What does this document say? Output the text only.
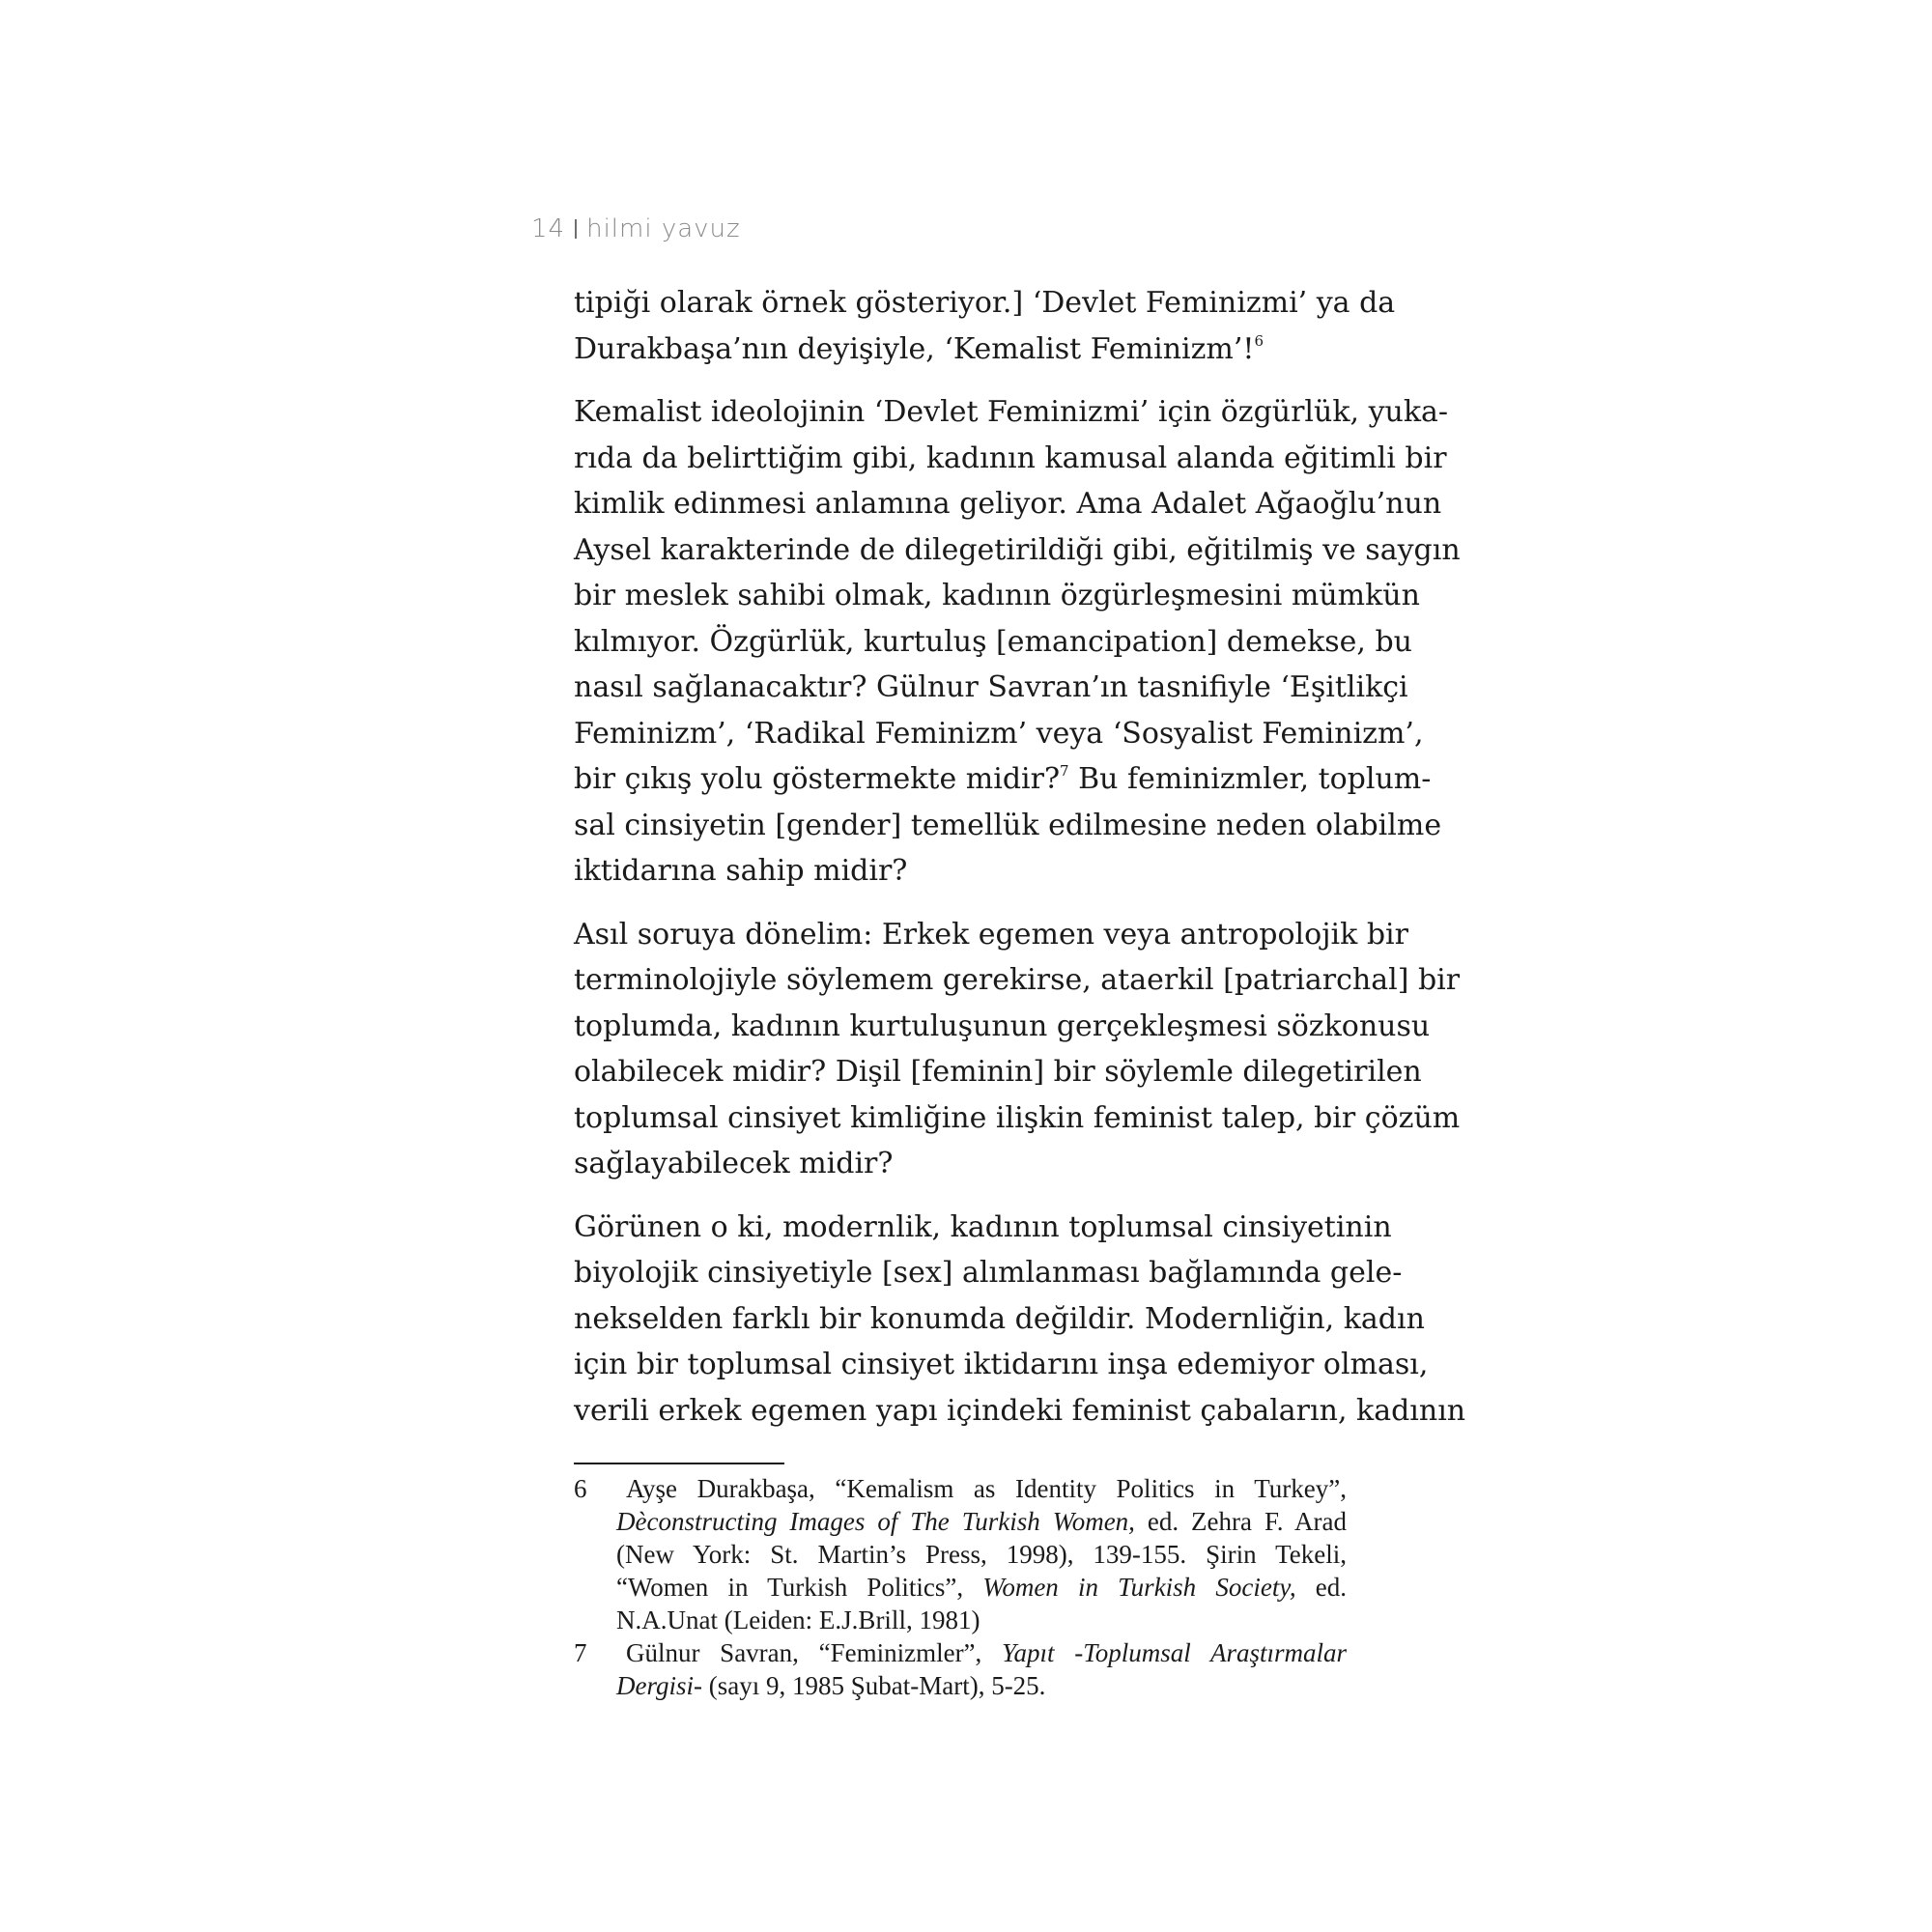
14 hilmi yavuz

tipiği olarak örnek gösteriyor.] ‘Devlet Feminizmi’ ya da
Durakbaşa’nın deyişiyle, ‘Kemalist Feminizm’!$^6$

Kemalist ideolojinin ‘Devlet Feminizmi’ için özgürlük, yuka-
rıda da belirttiğim gibi, kadının kamusal alanda eğitimli bir
kimlik edinmesi anlamına geliyor. Ama Adalet Ağaoğlu’nun
Aysel karakterinde de dilegetirildiği gibi, eğitilmiş ve saygın
bir meslek sahibi olmak, kadının özgürleşmesini mümkün
kılmıyor. Özgürlük, kurtuluş [emancipation] demekse, bu
nasıl sağlanacaktır? Gülnur Savran’ın tasnifiyle ‘Eşitlikçi
Feminizm’, ‘Radikal Feminizm’ veya ‘Sosyalist Feminizm’,
bir çıkış yolu göstermekte midir?$^7$ Bu feminizmler, toplum-
sal cinsiyetin [gender] temellük edilmesine neden olabilme
iktidarına sahip midir?

Asıl soruya dönelim: Erkek egemen veya antropolojik bir
terminolojiyle söylemem gerekirse, ataerkil [patriarchal] bir
toplumda, kadının kurtuluşunun gerçekleşmesi sözkonusu
olabilecek midir? Dişil [feminin] bir söylemle dilegetirilen
toplumsal cinsiyet kimliğine ilişkin feminist talep, bir çözüm
sağlayabilecek midir?

Görünen o ki, modernlik, kadının toplumsal cinsiyetinin
biyolojik cinsiyetiyle [sex] alımlanması bağlamında gele-
nekselden farklı bir konumda değildir. Modernliğin, kadın
için bir toplumsal cinsiyet iktidarını inşa edemiyor olması,
verili erkek egemen yapı içindeki feminist çabaların, kadının

6	Ayşe Durakbaşa, “Kemalism as Identity Politics in Turkey”,
Dèconstructing Images of The Turkish Women, ed. Zehra F. Arad
(New York: St. Martin’s Press, 1998), 139-155. Şirin Tekeli,
“Women in Turkish Politics”, Women in Turkish Society, ed.
N.A.Unat (Leiden: E.J.Brill, 1981)
7	Gülnur Savran, “Feminizmler”, Yapıt -Toplumsal Araştırmalar
Dergisi- (sayı 9, 1985 Şubat-Mart), 5-25.
